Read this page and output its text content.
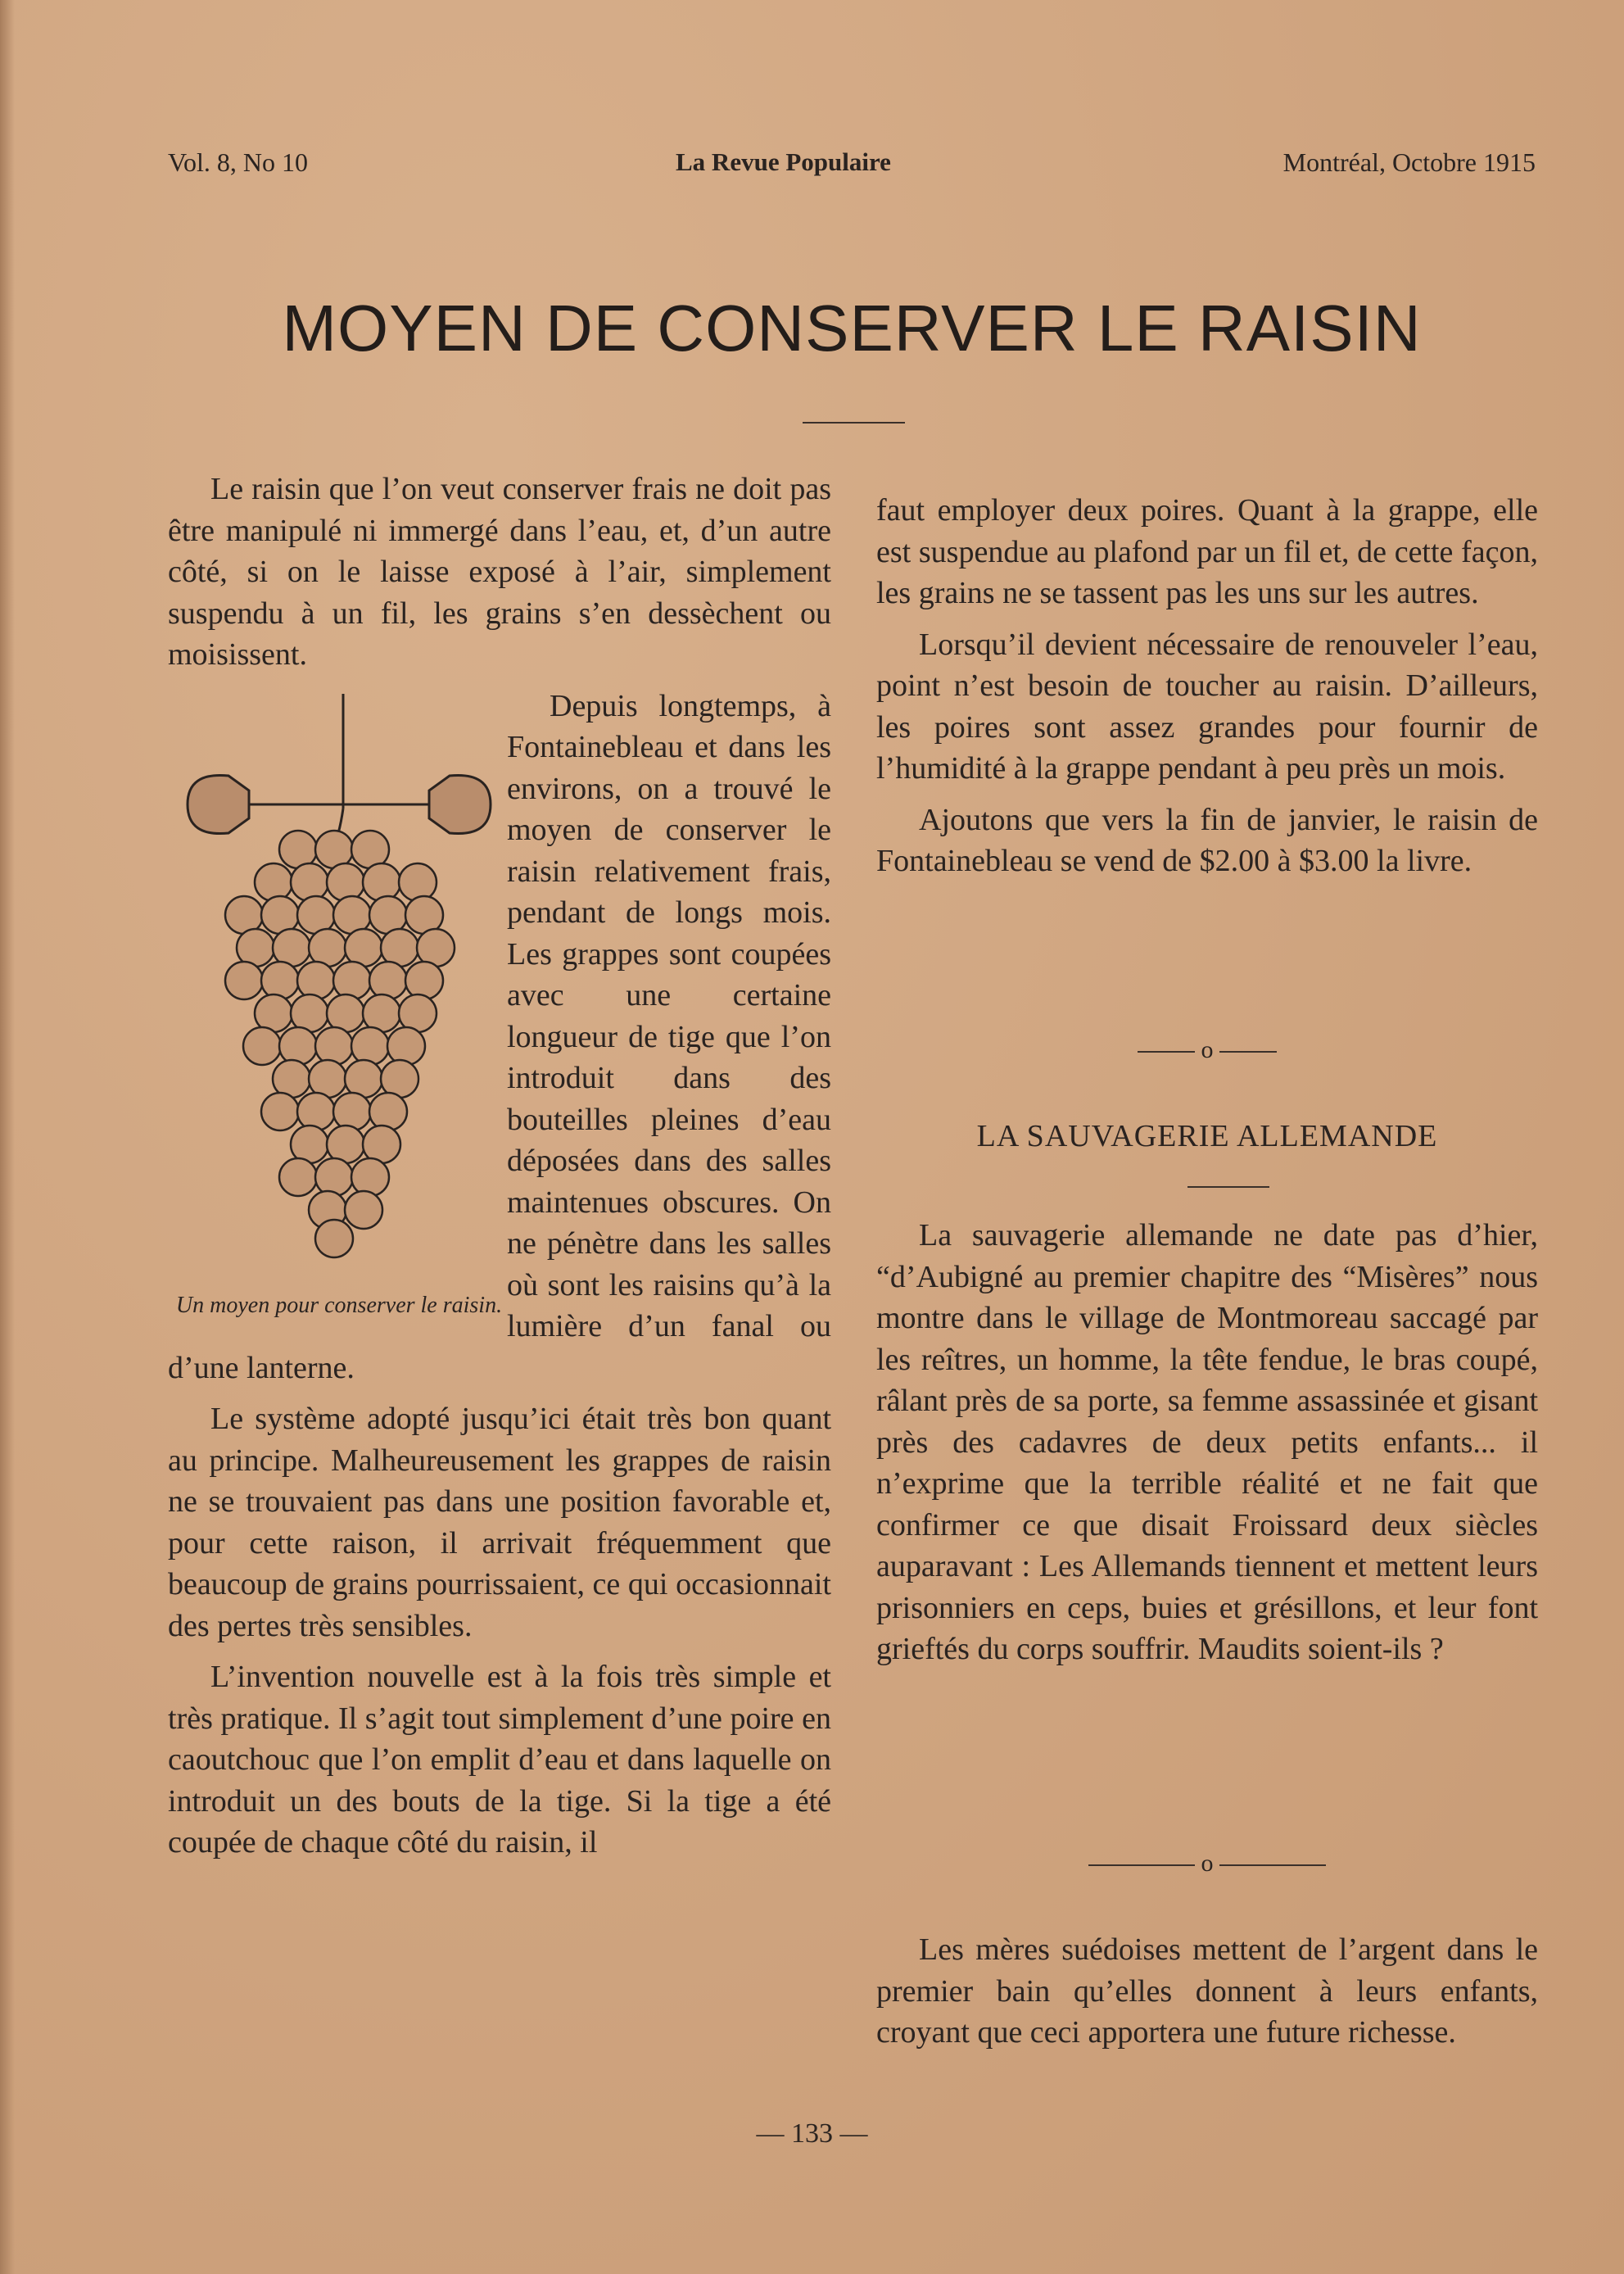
Vol. 8, No 10	La Revue Populaire	Montréal, Octobre 1915
MOYEN DE CONSERVER LE RAISIN

Le raisin que l’on veut conserver frais ne doit pas être manipulé ni immergé dans l’eau, et, d’un autre côté, si on le laisse exposé à l’air, simplement suspendu à un fil, les grains s’en dessèchent ou moisissent.

Un moyen pour conserver le raisin.
Depuis longtemps, à Fontainebleau et dans les environs, on a trouvé le moyen de conserver le raisin relativement frais, pendant de longs mois. Les grappes sont coupées avec une certaine longueur de tige que l’on introduit dans des bouteilles pleines d’eau déposées dans des salles maintenues obscures. On ne pénètre dans les salles où sont les raisins qu’à la lumière d’un fanal ou d’une lanterne.

Le système adopté jusqu’ici était très bon quant au principe. Malheureusement les grappes de raisin ne se trouvaient pas dans une position favorable et, pour cette raison, il arrivait fréquemment que beaucoup de grains pourrissaient, ce qui occasionnait des pertes très sensibles.

L’invention nouvelle est à la fois très simple et très pratique. Il s’agit tout simplement d’une poire en caoutchouc que l’on emplit d’eau et dans laquelle on introduit un des bouts de la tige. Si la tige a été coupée de chaque côté du raisin, il

faut employer deux poires. Quant à la grappe, elle est suspendue au plafond par un fil et, de cette façon, les grains ne se tassent pas les uns sur les autres.

Lorsqu’il devient nécessaire de renouveler l’eau, point n’est besoin de toucher au raisin. D’ailleurs, les poires sont assez grandes pour fournir de l’humidité à la grappe pendant à peu près un mois.

Ajoutons que vers la fin de janvier, le raisin de Fontainebleau se vend de $2.00 à $3.00 la livre.

o
LA SAUVAGERIE ALLEMANDE

La sauvagerie allemande ne date pas d’hier, “d’Aubigné au premier chapitre des “Misères” nous montre dans le village de Montmoreau saccagé par les reîtres, un homme, la tête fendue, le bras coupé, râlant près de sa porte, sa femme assassinée et gisant près des cadavres de deux petits enfants... il n’exprime que la terrible réalité et ne fait que confirmer ce que disait Froissard deux siècles auparavant : Les Allemands tiennent et mettent leurs prisonniers en ceps, buies et grésillons, et leur font grieftés du corps souffrir. Maudits soient-ils ?

o

Les mères suédoises mettent de l’argent dans le premier bain qu’elles donnent à leurs enfants, croyant que ceci apportera une future richesse.

— 133 —
